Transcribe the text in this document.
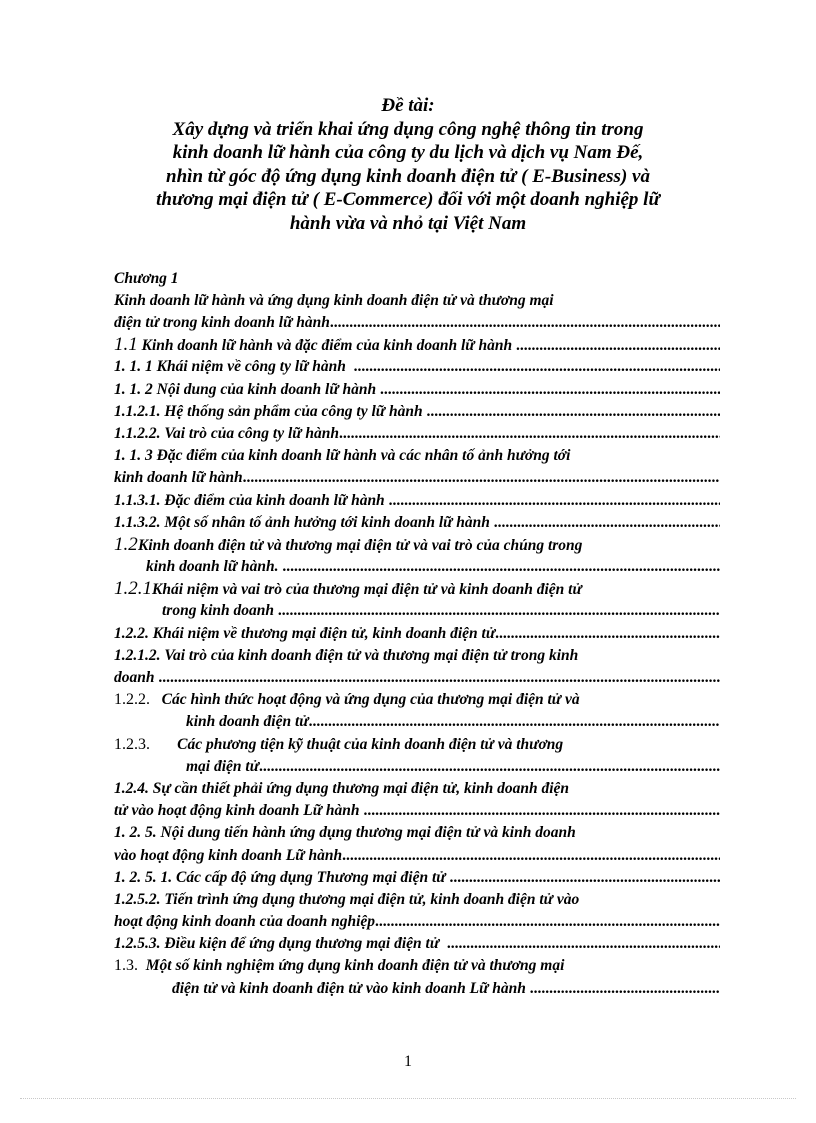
Đề tài:
Xây dựng và triển khai ứng dụng công nghệ thông tin trong
kinh doanh lữ hành của công ty du lịch và dịch vụ Nam Đế,
nhìn từ góc độ ứng dụng kinh doanh điện tử ( E-Business) và
thương mại điện tử ( E-Commerce) đối với một doanh nghiệp lữ
hành vừa và nhỏ tại Việt Nam
Chương 1
Kinh doanh lữ hành và ứng dụng kinh doanh điện tử và thương mại
điện tử trong kinh doanh lữ hành
.....
1.1 Kinh doanh lữ hành và đặc điểm của kinh doanh lữ hành
.....
1. 1. 1 Khái niệm về công ty lữ hành
.....
1. 1. 2 Nội dung của kinh doanh lữ hành
.....
1.1.2.1. Hệ thống sản phẩm của công ty lữ hành
.....
1.1.2.2. Vai trò của công ty lữ hành
.....
1. 1. 3 Đặc điểm của kinh doanh lữ hành và các nhân tố ảnh hưởng tới
kinh doanh lữ hành
.....
1.1.3.1. Đặc điểm của kinh doanh lữ hành
.....
1.1.3.2. Một số nhân tố ảnh hưởng tới kinh doanh lữ hành
.....
1.2 Kinh doanh điện tử và thương mại điện tử và vai trò của chúng trong
kinh doanh lữ hành.
.....
1.2.1 Khái niệm và vai trò của thương mại điện tử và kinh doanh điện tử
trong kinh doanh
.....
1.2.2. Khái niệm về thương mại điện tử, kinh doanh điện tử
.....
1.2.1.2. Vai trò của kinh doanh điện tử và thương mại điện tử trong kinh
doanh
.....
1.2.2. Các hình thức hoạt động và ứng dụng của thương mại điện tử và
kinh doanh điện tử
.....
1.2.3. Các phương tiện kỹ thuật của kinh doanh điện tử và thương
mại điện tử
.....
1.2.4. Sự cần thiết phải ứng dụng thương mại điện tử, kinh doanh điện
tử vào hoạt động kinh doanh Lữ hành
.....
1. 2. 5. Nội dung tiến hành ứng dụng thương mại điện tử và kinh doanh
vào hoạt động kinh doanh Lữ hành
.....
1. 2. 5. 1. Các cấp độ ứng dụng Thương mại điện tử
.....
1.2.5.2. Tiến trình ứng dụng thương mại điện tử, kinh doanh điện tử vào
hoạt động kinh doanh của doanh nghiệp
.....
1.2.5.3. Điều kiện để ứng dụng thương mại điện tử
.....
1.3. Một số kinh nghiệm ứng dụng kinh doanh điện tử và thương mại
điện tử và kinh doanh điện tử vào kinh doanh Lữ hành
.....
1
